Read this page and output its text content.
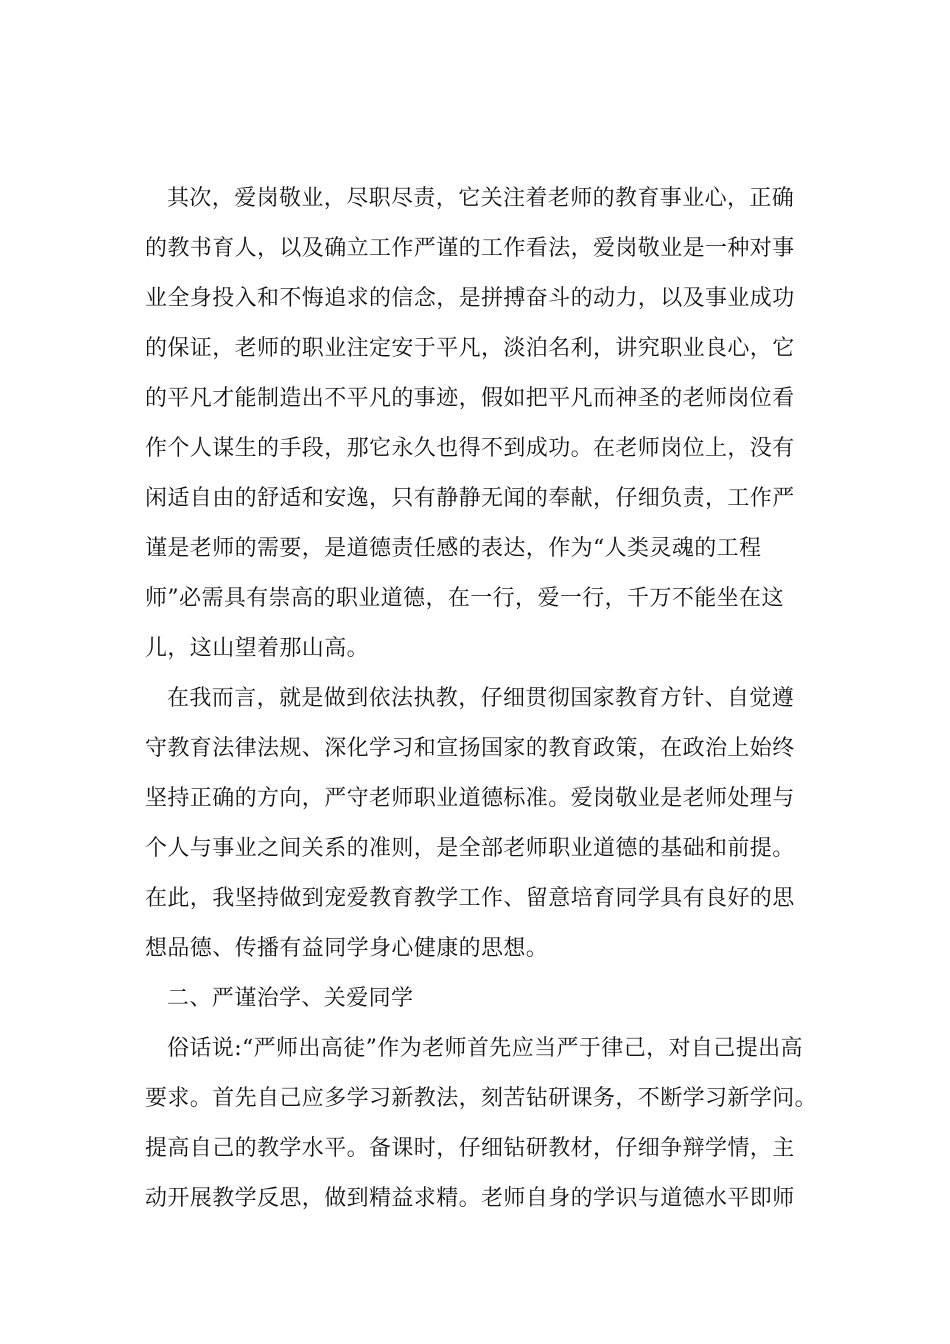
其次，爱岗敬业，尽职尽责，它关注着老师的教育事业心，正确
的教书育人，以及确立工作严谨的工作看法，爱岗敬业是一种对事
业全身投入和不悔追求的信念，是拼搏奋斗的动力，以及事业成功
的保证，老师的职业注定安于平凡，淡泊名利，讲究职业良心，它
的平凡才能制造出不平凡的事迹，假如把平凡而神圣的老师岗位看
作个人谋生的手段，那它永久也得不到成功。在老师岗位上，没有
闲适自由的舒适和安逸，只有静静无闻的奉献，仔细负责，工作严
谨是老师的需要，是道德责任感的表达，作为“人类灵魂的工程
师”必需具有崇高的职业道德，在一行，爱一行，千万不能坐在这
儿，这山望着那山高。
在我而言，就是做到依法执教，仔细贯彻国家教育方针、自觉遵
守教育法律法规、深化学习和宣扬国家的教育政策，在政治上始终
坚持正确的方向，严守老师职业道德标准。爱岗敬业是老师处理与
个人与事业之间关系的准则，是全部老师职业道德的基础和前提。
在此，我坚持做到宠爱教育教学工作、留意培育同学具有良好的思
想品德、传播有益同学身心健康的思想。
二、严谨治学、关爱同学
俗话说:“严师出高徒”作为老师首先应当严于律己，对自己提出高
要求。首先自己应多学习新教法，刻苦钻研课务，不断学习新学问。
提高自己的教学水平。备课时，仔细钻研教材，仔细争辩学情，主
动开展教学反思，做到精益求精。老师自身的学识与道德水平即师
